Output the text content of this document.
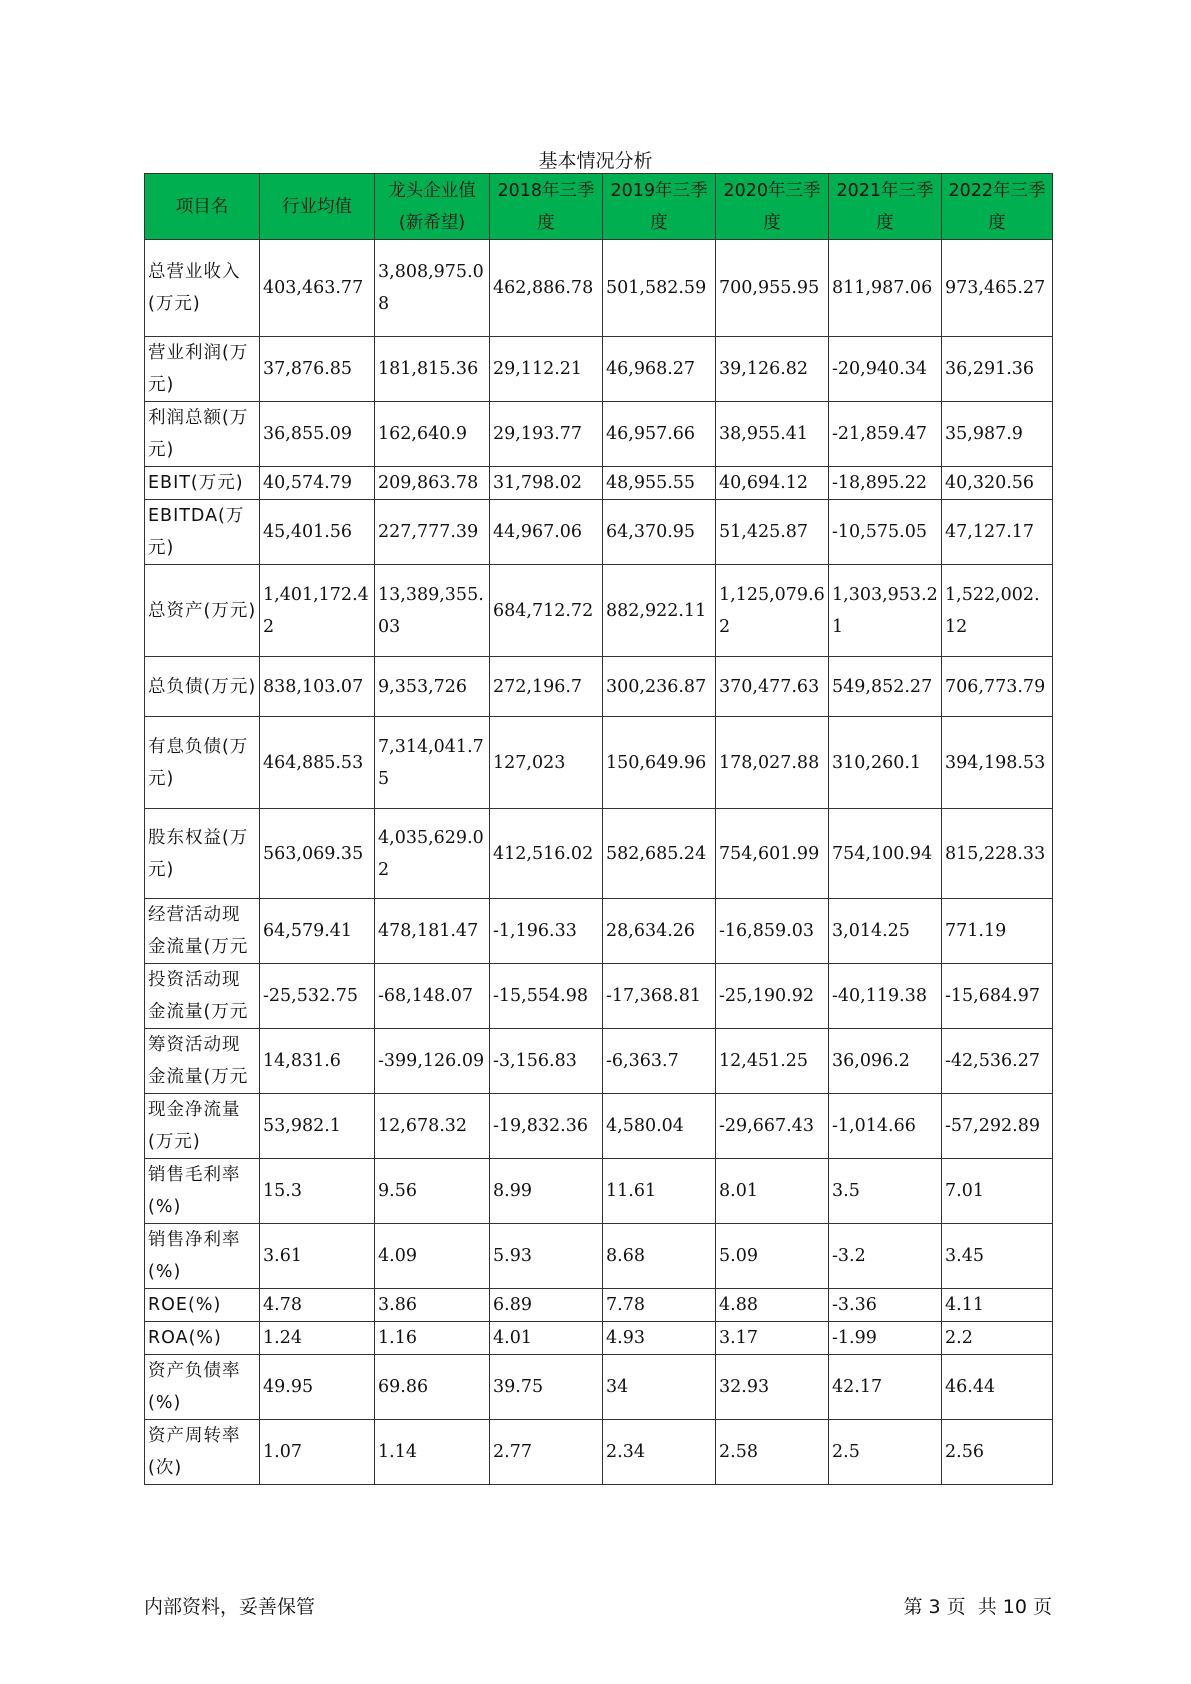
基本情况分析
项目名	行业均值	龙头企业值(新希望)	2018年三季度	2019年三季度	2020年三季度	2021年三季度	2022年三季度
总营业收入(万元)	403,463.77	3,808,975.08	462,886.78	501,582.59	700,955.95	811,987.06	973,465.27
营业利润(万元)	37,876.85	181,815.36	29,112.21	46,968.27	39,126.82	-20,940.34	36,291.36
利润总额(万元)	36,855.09	162,640.9	29,193.77	46,957.66	38,955.41	-21,859.47	35,987.9
EBIT(万元)	40,574.79	209,863.78	31,798.02	48,955.55	40,694.12	-18,895.22	40,320.56
EBITDA(万元)	45,401.56	227,777.39	44,967.06	64,370.95	51,425.87	-10,575.05	47,127.17
总资产(万元)	1,401,172.42	13,389,355.03	684,712.72	882,922.11	1,125,079.62	1,303,953.21	1,522,002.12
总负债(万元)	838,103.07	9,353,726	272,196.7	300,236.87	370,477.63	549,852.27	706,773.79
有息负债(万元)	464,885.53	7,314,041.75	127,023	150,649.96	178,027.88	310,260.1	394,198.53
股东权益(万元)	563,069.35	4,035,629.02	412,516.02	582,685.24	754,601.99	754,100.94	815,228.33
经营活动现金流量(万元	64,579.41	478,181.47	-1,196.33	28,634.26	-16,859.03	3,014.25	771.19
投资活动现金流量(万元	-25,532.75	-68,148.07	-15,554.98	-17,368.81	-25,190.92	-40,119.38	-15,684.97
筹资活动现金流量(万元	14,831.6	-399,126.09	-3,156.83	-6,363.7	12,451.25	36,096.2	-42,536.27
现金净流量(万元)	53,982.1	12,678.32	-19,832.36	4,580.04	-29,667.43	-1,014.66	-57,292.89
销售毛利率(%)	15.3	9.56	8.99	11.61	8.01	3.5	7.01
销售净利率(%)	3.61	4.09	5.93	8.68	5.09	-3.2	3.45
ROE(%)	4.78	3.86	6.89	7.78	4.88	-3.36	4.11
ROA(%)	1.24	1.16	4.01	4.93	3.17	-1.99	2.2
资产负债率(%)	49.95	69.86	39.75	34	32.93	42.17	46.44
资产周转率(次)	1.07	1.14	2.77	2.34	2.58	2.5	2.56
内部资料，妥善保管	第 3 页  共 10 页
